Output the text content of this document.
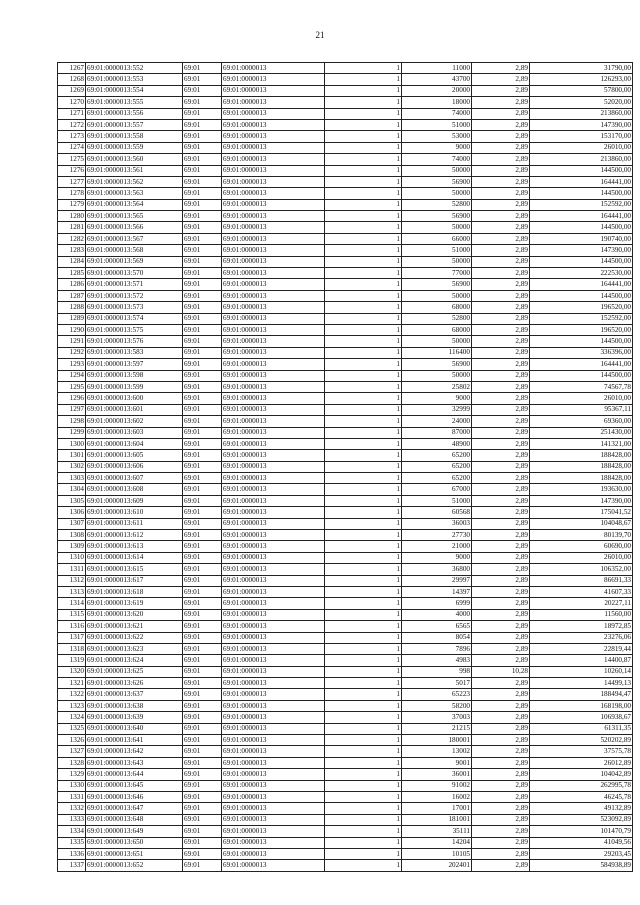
21
1267	69:01:0000013:552	69:01	69:01:0000013	1	11000	2,89	31790,00
1268	69:01:0000013:553	69:01	69:01:0000013	1	43700	2,89	126293,00
1269	69:01:0000013:554	69:01	69:01:0000013	1	20000	2,89	57800,00
1270	69:01:0000013:555	69:01	69:01:0000013	1	18000	2,89	52020,00
1271	69:01:0000013:556	69:01	69:01:0000013	1	74000	2,89	213860,00
1272	69:01:0000013:557	69:01	69:01:0000013	1	51000	2,89	147390,00
1273	69:01:0000013:558	69:01	69:01:0000013	1	53000	2,89	153170,00
1274	69:01:0000013:559	69:01	69:01:0000013	1	9000	2,89	26010,00
1275	69:01:0000013:560	69:01	69:01:0000013	1	74000	2,89	213860,00
1276	69:01:0000013:561	69:01	69:01:0000013	1	50000	2,89	144500,00
1277	69:01:0000013:562	69:01	69:01:0000013	1	56900	2,89	164441,00
1278	69:01:0000013:563	69:01	69:01:0000013	1	50000	2,89	144500,00
1279	69:01:0000013:564	69:01	69:01:0000013	1	52800	2,89	152592,00
1280	69:01:0000013:565	69:01	69:01:0000013	1	56900	2,89	164441,00
1281	69:01:0000013:566	69:01	69:01:0000013	1	50000	2,89	144500,00
1282	69:01:0000013:567	69:01	69:01:0000013	1	66000	2,89	190740,00
1283	69:01:0000013:568	69:01	69:01:0000013	1	51000	2,89	147390,00
1284	69:01:0000013:569	69:01	69:01:0000013	1	50000	2,89	144500,00
1285	69:01:0000013:570	69:01	69:01:0000013	1	77000	2,89	222530,00
1286	69:01:0000013:571	69:01	69:01:0000013	1	56900	2,89	164441,00
1287	69:01:0000013:572	69:01	69:01:0000013	1	50000	2,89	144500,00
1288	69:01:0000013:573	69:01	69:01:0000013	1	68000	2,89	196520,00
1289	69:01:0000013:574	69:01	69:01:0000013	1	52800	2,89	152592,00
1290	69:01:0000013:575	69:01	69:01:0000013	1	68000	2,89	196520,00
1291	69:01:0000013:576	69:01	69:01:0000013	1	50000	2,89	144500,00
1292	69:01:0000013:583	69:01	69:01:0000013	1	116400	2,89	336396,00
1293	69:01:0000013:597	69:01	69:01:0000013	1	56900	2,89	164441,00
1294	69:01:0000013:598	69:01	69:01:0000013	1	50000	2,89	144500,00
1295	69:01:0000013:599	69:01	69:01:0000013	1	25802	2,89	74567,78
1296	69:01:0000013:600	69:01	69:01:0000013	1	9000	2,89	26010,00
1297	69:01:0000013:601	69:01	69:01:0000013	1	32999	2,89	95367,11
1298	69:01:0000013:602	69:01	69:01:0000013	1	24000	2,89	69360,00
1299	69:01:0000013:603	69:01	69:01:0000013	1	87000	2,89	251430,00
1300	69:01:0000013:604	69:01	69:01:0000013	1	48900	2,89	141321,00
1301	69:01:0000013:605	69:01	69:01:0000013	1	65200	2,89	188428,00
1302	69:01:0000013:606	69:01	69:01:0000013	1	65200	2,89	188428,00
1303	69:01:0000013:607	69:01	69:01:0000013	1	65200	2,89	188428,00
1304	69:01:0000013:608	69:01	69:01:0000013	1	67000	2,89	193630,00
1305	69:01:0000013:609	69:01	69:01:0000013	1	51000	2,89	147390,00
1306	69:01:0000013:610	69:01	69:01:0000013	1	60568	2,89	175041,52
1307	69:01:0000013:611	69:01	69:01:0000013	1	36003	2,89	104048,67
1308	69:01:0000013:612	69:01	69:01:0000013	1	27730	2,89	80139,70
1309	69:01:0000013:613	69:01	69:01:0000013	1	21000	2,89	60690,00
1310	69:01:0000013:614	69:01	69:01:0000013	1	9000	2,89	26010,00
1311	69:01:0000013:615	69:01	69:01:0000013	1	36800	2,89	106352,00
1312	69:01:0000013:617	69:01	69:01:0000013	1	29997	2,89	86691,33
1313	69:01:0000013:618	69:01	69:01:0000013	1	14397	2,89	41607,33
1314	69:01:0000013:619	69:01	69:01:0000013	1	6999	2,89	20227,11
1315	69:01:0000013:620	69:01	69:01:0000013	1	4000	2,89	11560,00
1316	69:01:0000013:621	69:01	69:01:0000013	1	6565	2,89	18972,85
1317	69:01:0000013:622	69:01	69:01:0000013	1	8054	2,89	23276,06
1318	69:01:0000013:623	69:01	69:01:0000013	1	7896	2,89	22819,44
1319	69:01:0000013:624	69:01	69:01:0000013	1	4983	2,89	14400,87
1320	69:01:0000013:625	69:01	69:01:0000013	1	998	10,28	10260,14
1321	69:01:0000013:626	69:01	69:01:0000013	1	5017	2,89	14499,13
1322	69:01:0000013:637	69:01	69:01:0000013	1	65223	2,89	188494,47
1323	69:01:0000013:638	69:01	69:01:0000013	1	58200	2,89	168198,00
1324	69:01:0000013:639	69:01	69:01:0000013	1	37003	2,89	106938,67
1325	69:01:0000013:640	69:01	69:01:0000013	1	21215	2,89	61311,35
1326	69:01:0000013:641	69:01	69:01:0000013	1	180001	2,89	520202,89
1327	69:01:0000013:642	69:01	69:01:0000013	1	13002	2,89	37575,78
1328	69:01:0000013:643	69:01	69:01:0000013	1	9001	2,89	26012,89
1329	69:01:0000013:644	69:01	69:01:0000013	1	36001	2,89	104042,89
1330	69:01:0000013:645	69:01	69:01:0000013	1	91002	2,89	262995,78
1331	69:01:0000013:646	69:01	69:01:0000013	1	16002	2,89	46245,78
1332	69:01:0000013:647	69:01	69:01:0000013	1	17001	2,89	49132,89
1333	69:01:0000013:648	69:01	69:01:0000013	1	181001	2,89	523092,89
1334	69:01:0000013:649	69:01	69:01:0000013	1	35111	2,89	101470,79
1335	69:01:0000013:650	69:01	69:01:0000013	1	14204	2,89	41049,56
1336	69:01:0000013:651	69:01	69:01:0000013	1	10105	2,89	29203,45
1337	69:01:0000013:652	69:01	69:01:0000013	1	202401	2,89	584938,89
